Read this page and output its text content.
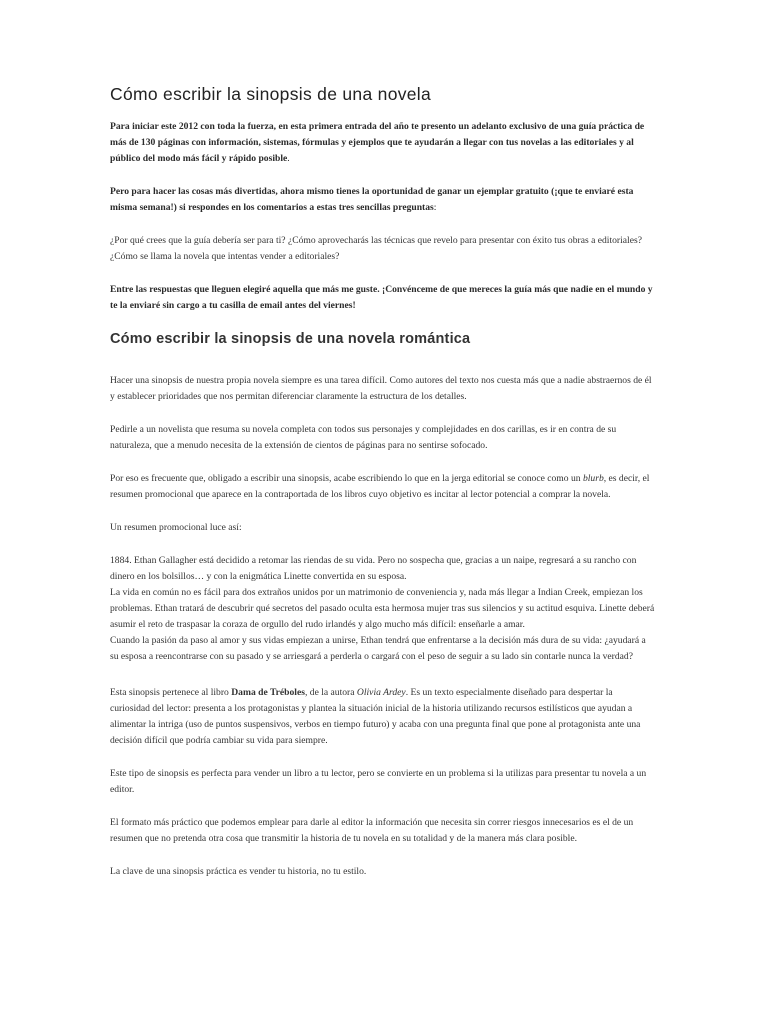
Cómo escribir la sinopsis de una novela

Para iniciar este 2012 con toda la fuerza, en esta primera entrada del año te presento un adelanto exclusivo de una guía práctica de más de 130 páginas con información, sistemas, fórmulas y ejemplos que te ayudarán a llegar con tus novelas a las editoriales y al público del modo más fácil y rápido posible.

Pero para hacer las cosas más divertidas, ahora mismo tienes la oportunidad de ganar un ejemplar gratuito (¡que te enviaré esta misma semana!) si respondes en los comentarios a estas tres sencillas preguntas:

¿Por qué crees que la guía debería ser para ti? ¿Cómo aprovecharás las técnicas que revelo para presentar con éxito tus obras a editoriales? ¿Cómo se llama la novela que intentas vender a editoriales?

Entre las respuestas que lleguen elegiré aquella que más me guste. ¡Convénceme de que mereces la guía más que nadie en el mundo y te la enviaré sin cargo a tu casilla de email antes del viernes!

Cómo escribir la sinopsis de una novela romántica

Hacer una sinopsis de nuestra propia novela siempre es una tarea difícil. Como autores del texto nos cuesta más que a nadie abstraernos de él y establecer prioridades que nos permitan diferenciar claramente la estructura de los detalles.

Pedirle a un novelista que resuma su novela completa con todos sus personajes y complejidades en dos carillas, es ir en contra de su naturaleza, que a menudo necesita de la extensión de cientos de páginas para no sentirse sofocado.

Por eso es frecuente que, obligado a escribir una sinopsis, acabe escribiendo lo que en la jerga editorial se conoce como un blurb, es decir, el resumen promocional que aparece en la contraportada de los libros cuyo objetivo es incitar al lector potencial a comprar la novela.

Un resumen promocional luce así:

1884. Ethan Gallagher está decidido a retomar las riendas de su vida. Pero no sospecha que, gracias a un naipe, regresará a su rancho con dinero en los bolsillos… y con la enigmática Linette convertida en su esposa.

La vida en común no es fácil para dos extraños unidos por un matrimonio de conveniencia y, nada más llegar a Indian Creek, empiezan los problemas. Ethan tratará de descubrir qué secretos del pasado oculta esta hermosa mujer tras sus silencios y su actitud esquiva. Linette deberá asumir el reto de traspasar la coraza de orgullo del rudo irlandés y algo mucho más difícil: enseñarle a amar.

Cuando la pasión da paso al amor y sus vidas empiezan a unirse, Ethan tendrá que enfrentarse a la decisión más dura de su vida: ¿ayudará a su esposa a reencontrarse con su pasado y se arriesgará a perderla o cargará con el peso de seguir a su lado sin contarle nunca la verdad?

Esta sinopsis pertenece al libro Dama de Tréboles, de la autora Olivia Ardey. Es un texto especialmente diseñado para despertar la curiosidad del lector: presenta a los protagonistas y plantea la situación inicial de la historia utilizando recursos estilísticos que ayudan a alimentar la intriga (uso de puntos suspensivos, verbos en tiempo futuro) y acaba con una pregunta final que pone al protagonista ante una decisión difícil que podría cambiar su vida para siempre.

Este tipo de sinopsis es perfecta para vender un libro a tu lector, pero se convierte en un problema si la utilizas para presentar tu novela a un editor.

El formato más práctico que podemos emplear para darle al editor la información que necesita sin correr riesgos innecesarios es el de un resumen que no pretenda otra cosa que transmitir la historia de tu novela en su totalidad y de la manera más clara posible.

La clave de una sinopsis práctica es vender tu historia, no tu estilo.
